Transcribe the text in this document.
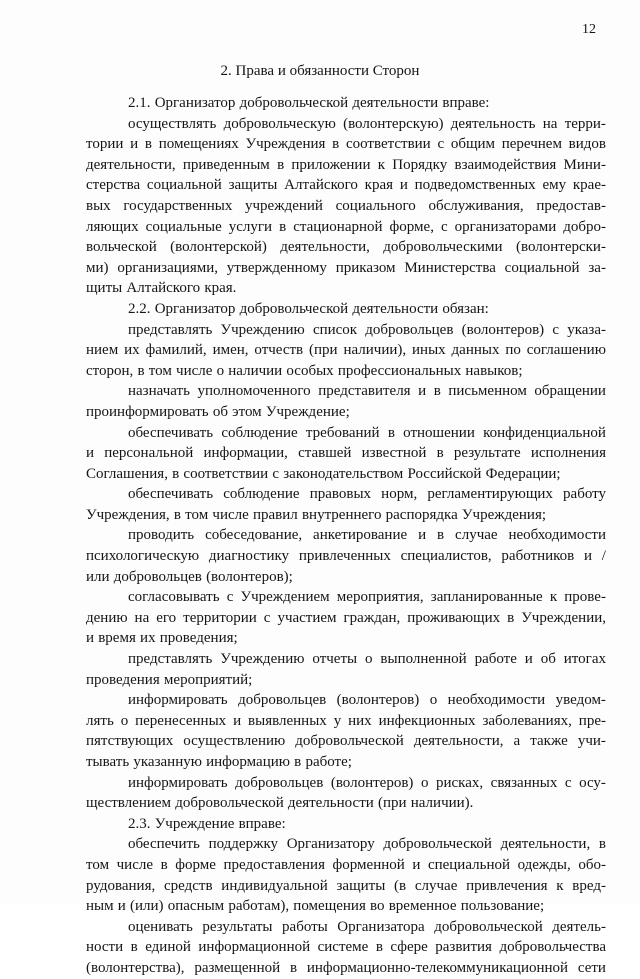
12
2. Права и обязанности Сторон
2.1. Организатор добровольческой деятельности вправе:
осуществлять добровольческую (волонтерскую) деятельность на терри-
тории и в помещениях Учреждения в соответствии с общим перечнем видов
деятельности, приведенным в приложении к Порядку взаимодействия Мини-
стерства социальной защиты Алтайского края и подведомственных ему крае-
вых государственных учреждений социального обслуживания, предостав-
ляющих социальные услуги в стационарной форме, с организаторами добро-
вольческой (волонтерской) деятельности, добровольческими (волонтерски-
ми) организациями, утвержденному приказом Министерства социальной за-
щиты Алтайского края.
2.2. Организатор добровольческой деятельности обязан:
представлять Учреждению список добровольцев (волонтеров) с указа-
нием их фамилий, имен, отчеств (при наличии), иных данных по соглашению
сторон, в том числе о наличии особых профессиональных навыков;
назначать уполномоченного представителя и в письменном обращении
проинформировать об этом Учреждение;
обеспечивать соблюдение требований в отношении конфиденциальной
и персональной информации, ставшей известной в результате исполнения
Соглашения, в соответствии с законодательством Российской Федерации;
обеспечивать соблюдение правовых норм, регламентирующих работу
Учреждения, в том числе правил внутреннего распорядка Учреждения;
проводить собеседование, анкетирование и в случае необходимости
психологическую диагностику привлеченных специалистов, работников и /
или добровольцев (волонтеров);
согласовывать с Учреждением мероприятия, запланированные к прове-
дению на его территории с участием граждан, проживающих в Учреждении,
и время их проведения;
представлять Учреждению отчеты о выполненной работе и об итогах
проведения мероприятий;
информировать добровольцев (волонтеров) о необходимости уведом-
лять о перенесенных и выявленных у них инфекционных заболеваниях, пре-
пятствующих осуществлению добровольческой деятельности, а также учи-
тывать указанную информацию в работе;
информировать добровольцев (волонтеров) о рисках, связанных с осу-
ществлением добровольческой деятельности (при наличии).
2.3. Учреждение вправе:
обеспечить поддержку Организатору добровольческой деятельности, в
том числе в форме предоставления форменной и специальной одежды, обо-
рудования, средств индивидуальной защиты (в случае привлечения к вред-
ным и (или) опасным работам), помещения во временное пользование;
оценивать результаты работы Организатора добровольческой деятель-
ности в единой информационной системе в сфере развития добровольчества
(волонтерства), размещенной в информационно-телекоммуникационной сети
